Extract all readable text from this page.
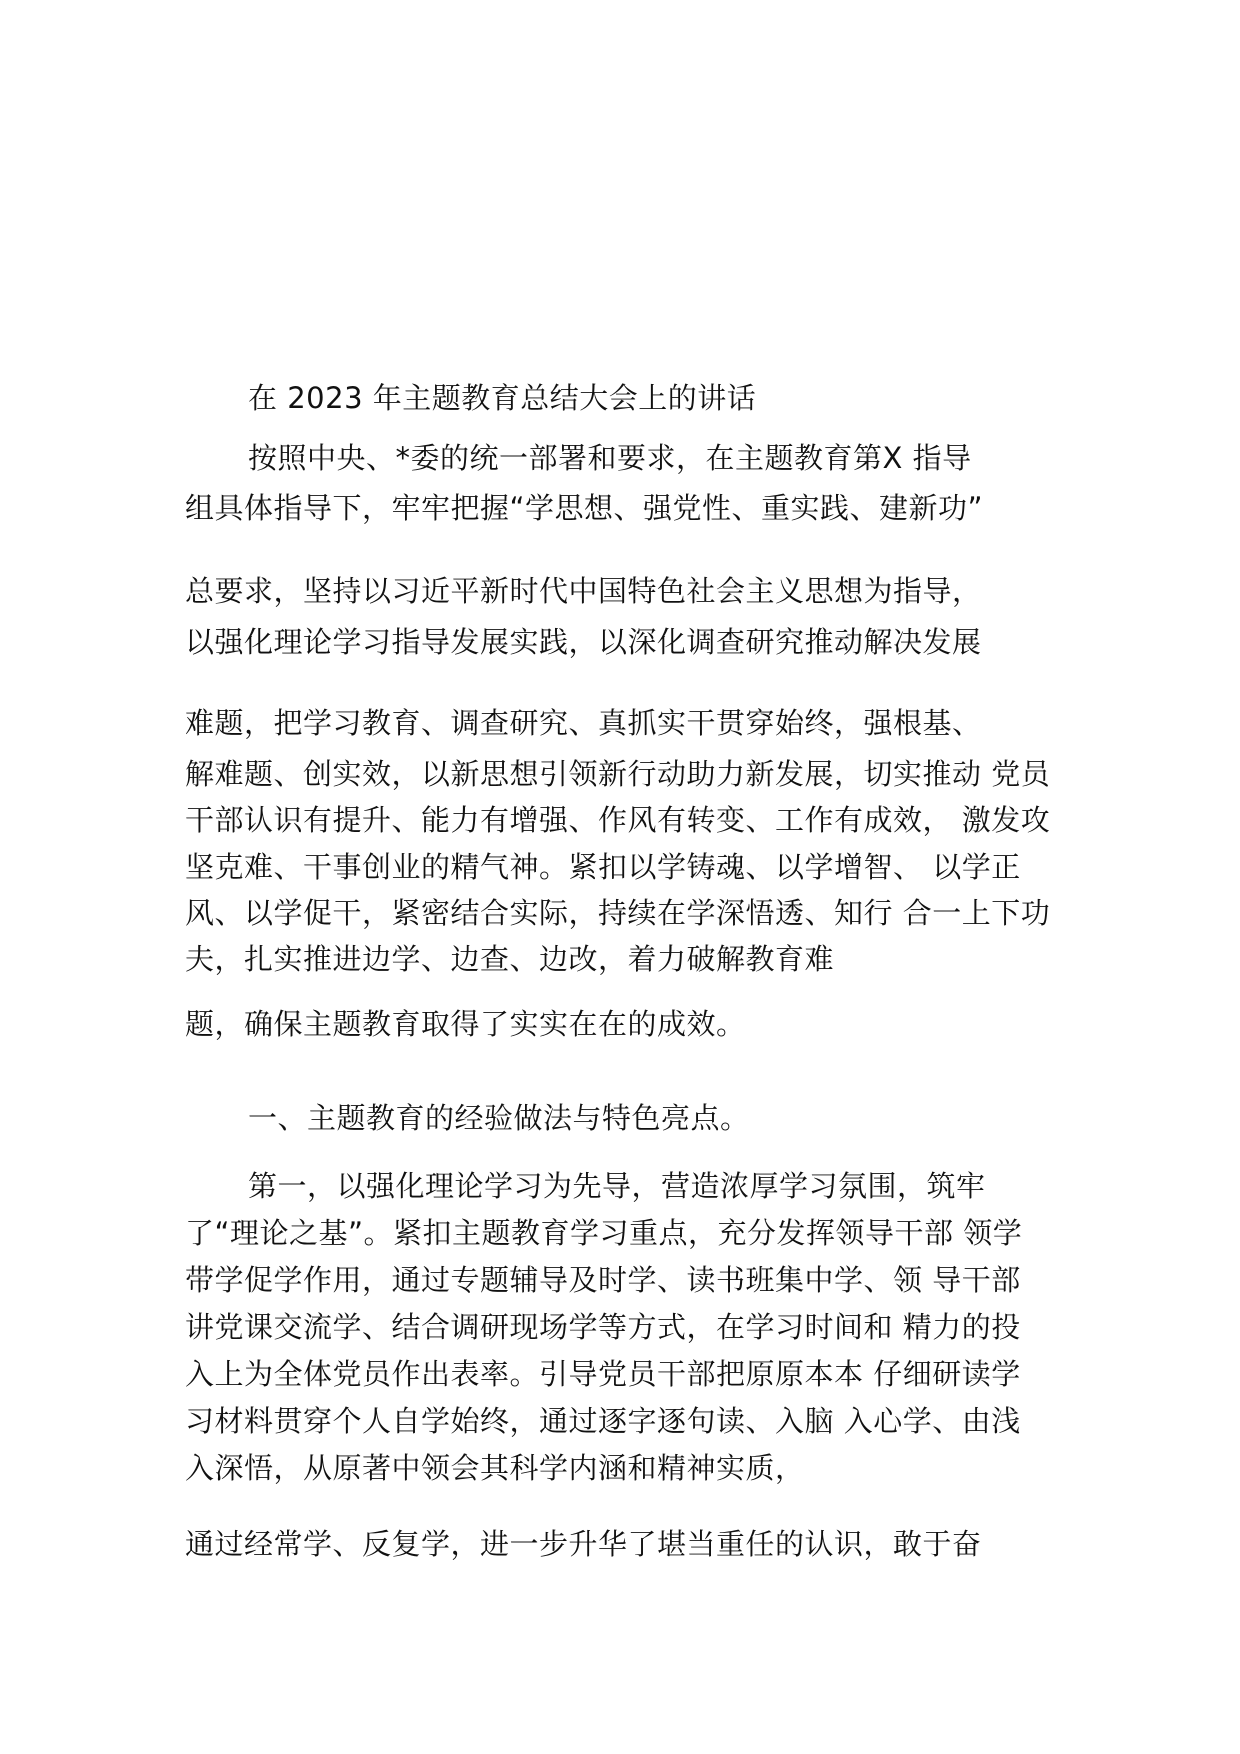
在 2023 年主题教育总结大会上的讲话
按照中央、*委的统一部署和要求，在主题教育第Ⅹ 指导
组具体指导下，牢牢把握“学思想、强党性、重实践、建新功”
总要求，坚持以习近平新时代中国特色社会主义思想为指导，
以强化理论学习指导发展实践，以深化调查研究推动解决发展
难题，把学习教育、调查研究、真抓实干贯穿始终，强根基、
解难题、创实效，以新思想引领新行动助力新发展，切实推动 党员
干部认识有提升、能力有增强、作风有转变、工作有成效， 激发攻
坚克难、干事创业的精气神。紧扣以学铸魂、以学增智、 以学正
风、以学促干，紧密结合实际，持续在学深悟透、知行 合一上下功
夫，扎实推进边学、边查、边改，着力破解教育难
题，确保主题教育取得了实实在在的成效。
一、主题教育的经验做法与特色亮点。
第一，以强化理论学习为先导，营造浓厚学习氛围，筑牢
了“理论之基”。紧扣主题教育学习重点，充分发挥领导干部 领学
带学促学作用，通过专题辅导及时学、读书班集中学、领 导干部
讲党课交流学、结合调研现场学等方式，在学习时间和 精力的投
入上为全体党员作出表率。引导党员干部把原原本本 仔细研读学
习材料贯穿个人自学始终，通过逐字逐句读、入脑 入心学、由浅
入深悟，从原著中领会其科学内涵和精神实质，
通过经常学、反复学，进一步升华了堪当重任的认识，敢于奋
